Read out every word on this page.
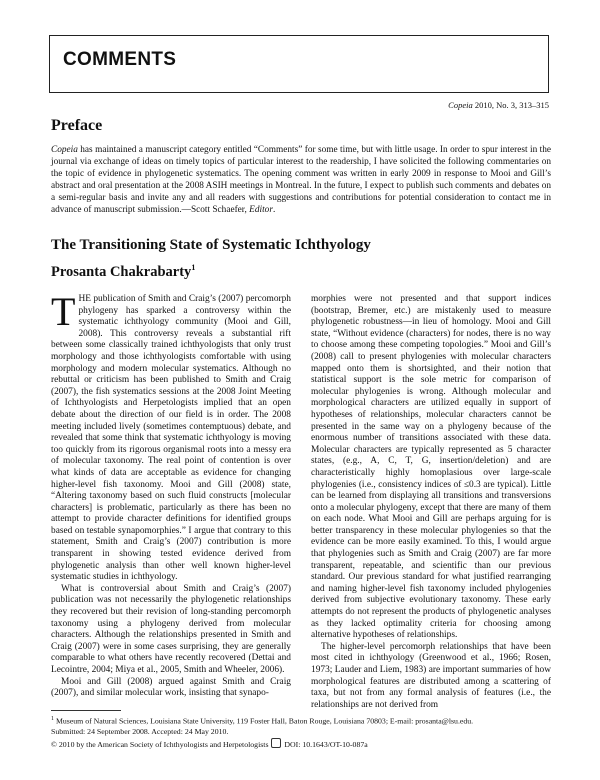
COMMENTS
Copeia 2010, No. 3, 313–315
Preface

Copeia has maintained a manuscript category entitled “Comments” for some time, but with little usage. In order to spur interest in the journal via exchange of ideas on timely topics of particular interest to the readership, I have solicited the following commentaries on the topic of evidence in phylogenetic systematics. The opening comment was written in early 2009 in response to Mooi and Gill’s abstract and oral presentation at the 2008 ASIH meetings in Montreal. In the future, I expect to publish such comments and debates on a semi-regular basis and invite any and all readers with suggestions and contributions for potential consideration to contact me in advance of manuscript submission.—Scott Schaefer, Editor.

The Transitioning State of Systematic Ichthyology
Prosanta Chakrabarty$^1$

THE publication of Smith and Craig’s (2007) percomorph phylogeny has sparked a controversy within the systematic ichthyology community (Mooi and Gill, 2008). This controversy reveals a substantial rift between some classically trained ichthyologists that only trust morphology and those ichthyologists comfortable with using morphology and modern molecular systematics. Although no rebuttal or criticism has been published to Smith and Craig (2007), the fish systematics sessions at the 2008 Joint Meeting of Ichthyologists and Herpetologists implied that an open debate about the direction of our field is in order. The 2008 meeting included lively (sometimes contemptuous) debate, and revealed that some think that systematic ichthyology is moving too quickly from its rigorous organismal roots into a messy era of molecular taxonomy. The real point of contention is over what kinds of data are acceptable as evidence for changing higher-level fish taxonomy. Mooi and Gill (2008) state, “Altering taxonomy based on such fluid constructs [molecular characters] is problematic, particularly as there has been no attempt to provide character definitions for identified groups based on testable synapomorphies.” I argue that contrary to this statement, Smith and Craig’s (2007) contribution is more transparent in showing tested evidence derived from phylogenetic analysis than other well known higher-level systematic studies in ichthyology.

What is controversial about Smith and Craig’s (2007) publication was not necessarily the phylogenetic relationships they recovered but their revision of long-standing percomorph taxonomy using a phylogeny derived from molecular characters. Although the relationships presented in Smith and Craig (2007) were in some cases surprising, they are generally comparable to what others have recently recovered (Dettai and Lecointre, 2004; Miya et al., 2005, Smith and Wheeler, 2006).

Mooi and Gill (2008) argued against Smith and Craig (2007), and similar molecular work, insisting that synapo-

morphies were not presented and that support indices (bootstrap, Bremer, etc.) are mistakenly used to measure phylogenetic robustness—in lieu of homology. Mooi and Gill state, “Without evidence (characters) for nodes, there is no way to choose among these competing topologies.” Mooi and Gill’s (2008) call to present phylogenies with molecular characters mapped onto them is shortsighted, and their notion that statistical support is the sole metric for comparison of molecular phylogenies is wrong. Although molecular and morphological characters are utilized equally in support of hypotheses of relationships, molecular characters cannot be presented in the same way on a phylogeny because of the enormous number of transitions associated with these data. Molecular characters are typically represented as 5 character states, (e.g., A, C, T, G, insertion/deletion) and are characteristically highly homoplasious over large-scale phylogenies (i.e., consistency indices of ≤0.3 are typical). Little can be learned from displaying all transitions and transversions onto a molecular phylogeny, except that there are many of them on each node. What Mooi and Gill are perhaps arguing for is better transparency in these molecular phylogenies so that the evidence can be more easily examined. To this, I would argue that phylogenies such as Smith and Craig (2007) are far more transparent, repeatable, and scientific than our previous standard. Our previous standard for what justified rearranging and naming higher-level fish taxonomy included phylogenies derived from subjective evolutionary taxonomy. These early attempts do not represent the products of phylogenetic analyses as they lacked optimality criteria for choosing among alternative hypotheses of relationships.

The higher-level percomorph relationships that have been most cited in ichthyology (Greenwood et al., 1966; Rosen, 1973; Lauder and Liem, 1983) are important summaries of how morphological features are distributed among a scattering of taxa, but not from any formal analysis of features (i.e., the relationships are not derived from

$^1$ Museum of Natural Sciences, Louisiana State University, 119 Foster Hall, Baton Rouge, Louisiana 70803; E-mail: prosanta@lsu.edu.
Submitted: 24 September 2008. Accepted: 24 May 2010.
© 2010 by the American Society of Ichthyologists and Herpetologists  DOI: 10.1643/OT-10-087a
